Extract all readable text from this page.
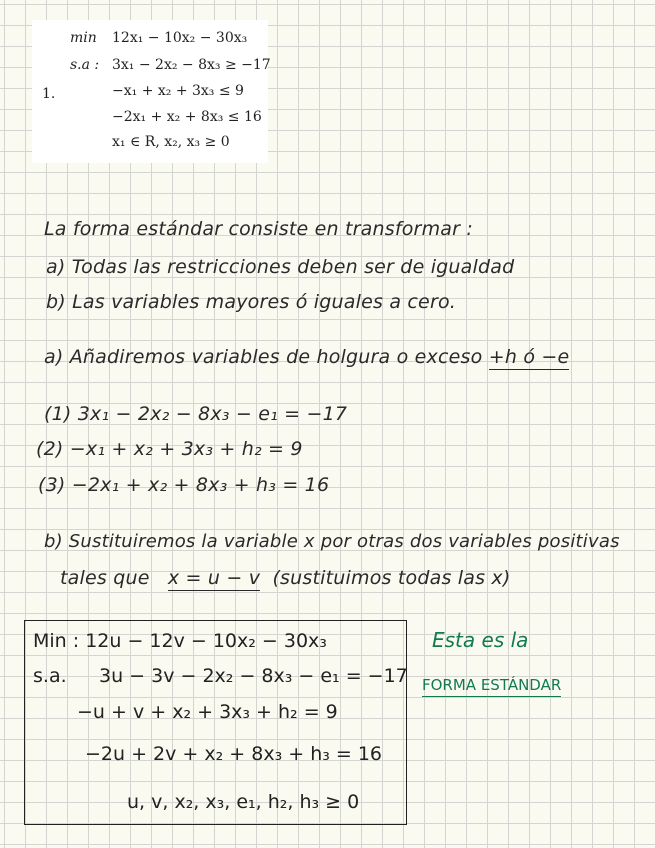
1.
min 12x₁ − 10x₂ − 30x₃
s.a : 3x₁ − 2x₂ − 8x₃ ≥ −17
−x₁ + x₂ + 3x₃ ≤ 9
−2x₁ + x₂ + 8x₃ ≤ 16
x₁ ∈ R, x₂, x₃ ≥ 0
La forma estándar consiste en transformar :
a) Todas las restricciones deben ser de igualdad
b) Las variables mayores ó iguales a cero.
a) Añadiremos variables de holgura o exceso +h ó −e
(1) 3x₁ − 2x₂ − 8x₃ − e₁ = −17
(2) −x₁ + x₂ + 3x₃ + h₂ = 9
(3) −2x₁ + x₂ + 8x₃ + h₃ = 16
b) Sustituiremos la variable x por otras dos variables positivas
tales que x = u − v (sustituimos todas las x)
Min : 12u − 12v − 10x₂ − 30x₃
s.a. 3u − 3v − 2x₂ − 8x₃ − e₁ = −17
−u + v + x₂ + 3x₃ + h₂ = 9
−2u + 2v + x₂ + 8x₃ + h₃ = 16
u, v, x₂, x₃, e₁, h₂, h₃ ≥ 0
Esta es la
FORMA ESTÁNDAR
